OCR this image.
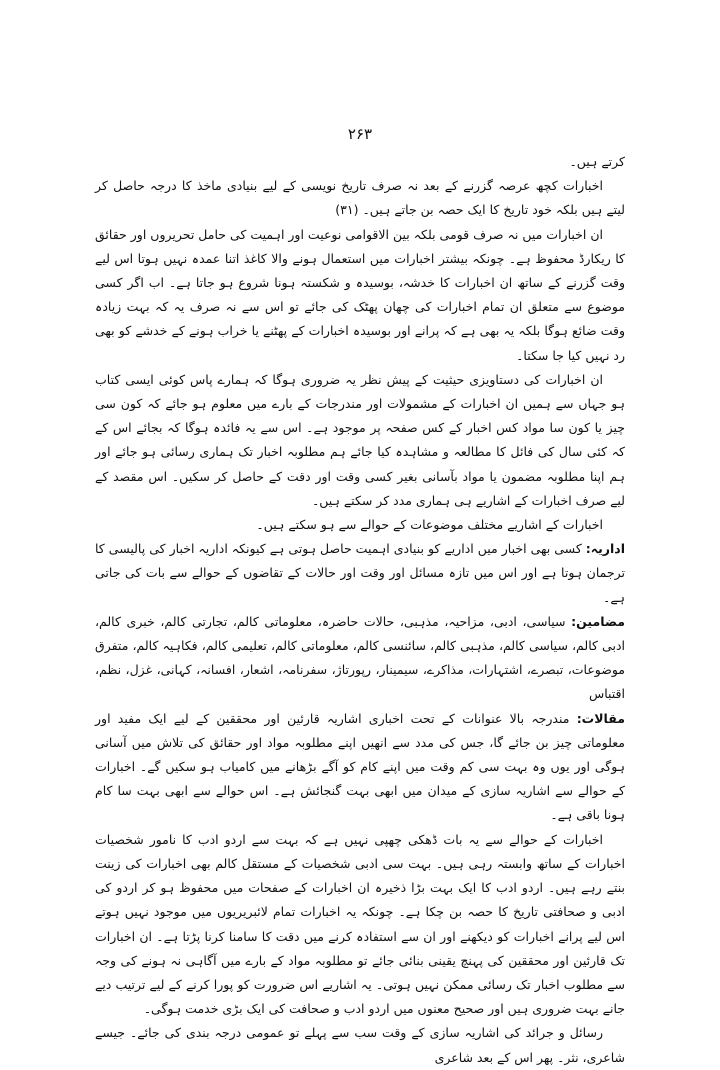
۲۶۳

کرتے ہیں۔

اخبارات کچھ عرصہ گزرنے کے بعد نہ صرف تاریخ نویسی کے لیے بنیادی ماخذ کا درجہ حاصل کر لیتے ہیں بلکہ خود تاریخ کا ایک حصہ بن جاتے ہیں۔ (۳۱)

ان اخبارات میں نہ صرف قومی بلکہ بین الاقوامی نوعیت اور اہمیت کی حامل تحریروں اور حقائق کا ریکارڈ محفوظ ہے۔ چونکہ بیشتر اخبارات میں استعمال ہونے والا کاغذ اتنا عمدہ نہیں ہوتا اس لیے وقت گزرنے کے ساتھ ان اخبارات کا خدشہ، بوسیدہ و شکستہ ہونا شروع ہو جاتا ہے۔ اب اگر کسی موضوع سے متعلق ان تمام اخبارات کی چھان پھٹک کی جائے تو اس سے نہ صرف یہ کہ بہت زیادہ وقت ضائع ہوگا بلکہ یہ بھی ہے کہ پرانے اور بوسیدہ اخبارات کے پھٹنے یا خراب ہونے کے خدشے کو بھی رد نہیں کیا جا سکتا۔

ان اخبارات کی دستاویزی حیثیت کے پیش نظر یہ ضروری ہوگا کہ ہمارے پاس کوئی ایسی کتاب ہو جہاں سے ہمیں ان اخبارات کے مشمولات اور مندرجات کے بارے میں معلوم ہو جائے کہ کون سی چیز یا کون سا مواد کس اخبار کے کس صفحہ پر موجود ہے۔ اس سے یہ فائدہ ہوگا کہ بجائے اس کے کہ کئی سال کی فائل کا مطالعہ و مشاہدہ کیا جائے ہم مطلوبہ اخبار تک ہماری رسائی ہو جائے اور ہم اپنا مطلوبہ مضمون یا مواد بآسانی بغیر کسی وقت اور دقت کے حاصل کر سکیں۔ اس مقصد کے لیے صرف اخبارات کے اشاریے ہی ہماری مدد کر سکتے ہیں۔

اخبارات کے اشاریے مختلف موضوعات کے حوالے سے ہو سکتے ہیں۔

اداریہ: کسی بھی اخبار میں اداریے کو بنیادی اہمیت حاصل ہوتی ہے کیونکہ اداریہ اخبار کی پالیسی کا ترجمان ہوتا ہے اور اس میں تازہ مسائل اور وقت اور حالات کے تقاضوں کے حوالے سے بات کی جاتی ہے۔

مضامین: سیاسی، ادبی، مزاحیہ، مذہبی، حالات حاضرہ، معلوماتی کالم، تجارتی کالم، خبری کالم، ادبی کالم، سیاسی کالم، مذہبی کالم، سائنسی کالم، معلوماتی کالم، تعلیمی کالم، فکاہیہ کالم، متفرق موضوعات، تبصرے، اشتہارات، مذاکرے، سیمینار، رپورتاژ، سفرنامہ، اشعار، افسانہ، کہانی، غزل، نظم، اقتباس

مقالات: مندرجہ بالا عنوانات کے تحت اخباری اشاریہ قارئین اور محققین کے لیے ایک مفید اور معلوماتی چیز بن جائے گا، جس کی مدد سے انھیں اپنے مطلوبہ مواد اور حقائق کی تلاش میں آسانی ہوگی اور یوں وہ بہت سی کم وقت میں اپنے کام کو آگے بڑھانے میں کامیاب ہو سکیں گے۔ اخبارات کے حوالے سے اشاریہ سازی کے میدان میں ابھی بہت گنجائش ہے۔ اس حوالے سے ابھی بہت سا کام ہونا باقی ہے۔

اخبارات کے حوالے سے یہ بات ڈھکی چھپی نہیں ہے کہ بہت سے اردو ادب کا نامور شخصیات اخبارات کے ساتھ وابستہ رہی ہیں۔ بہت سی ادبی شخصیات کے مستقل کالم بھی اخبارات کی زینت بنتے رہے ہیں۔ اردو ادب کا ایک بہت بڑا ذخیرہ ان اخبارات کے صفحات میں محفوظ ہو کر اردو کی ادبی و صحافتی تاریخ کا حصہ بن چکا ہے۔ چونکہ یہ اخبارات تمام لائبریریوں میں موجود نہیں ہوتے اس لیے پرانے اخبارات کو دیکھنے اور ان سے استفادہ کرنے میں دقت کا سامنا کرنا پڑتا ہے۔ ان اخبارات تک قارئین اور محققین کی پہنچ یقینی بنائی جائے تو مطلوبہ مواد کے بارے میں آگاہی نہ ہونے کی وجہ سے مطلوب اخبار تک رسائی ممکن نہیں ہوتی۔ یہ اشاریے اس ضرورت کو پورا کرنے کے لیے ترتیب دیے جانے بہت ضروری ہیں اور صحیح معنوں میں اردو ادب و صحافت کی ایک بڑی خدمت ہوگی۔

رسائل و جرائد کی اشاریہ سازی کے وقت سب سے پہلے تو عمومی درجہ بندی کی جائے۔ جیسے شاعری، نثر۔ پھر اس کے بعد شاعری
